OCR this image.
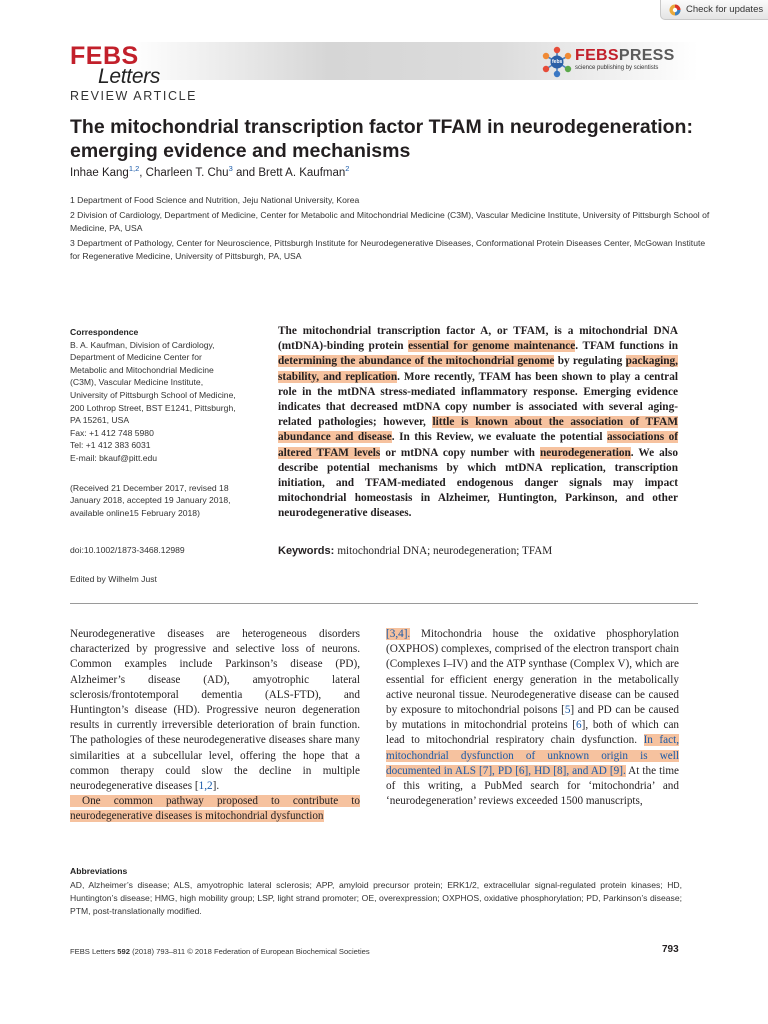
Check for updates
FEBS
Letters
febs FEBSPRESS
science publishing by scientists
REVIEW ARTICLE
The mitochondrial transcription factor TFAM in neurodegeneration: emerging evidence and mechanisms
Inhae Kang$^{1,2}$, Charleen T. Chu$^3$ and Brett A. Kaufman$^2$
1 Department of Food Science and Nutrition, Jeju National University, Korea
2 Division of Cardiology, Department of Medicine, Center for Metabolic and Mitochondrial Medicine (C3M), Vascular Medicine Institute, University of Pittsburgh School of Medicine, PA, USA
3 Department of Pathology, Center for Neuroscience, Pittsburgh Institute for Neurodegenerative Diseases, Conformational Protein Diseases Center, McGowan Institute for Regenerative Medicine, University of Pittsburgh, PA, USA
Correspondence
B. A. Kaufman, Division of Cardiology,
Department of Medicine Center for
Metabolic and Mitochondrial Medicine
(C3M), Vascular Medicine Institute,
University of Pittsburgh School of Medicine,
200 Lothrop Street, BST E1241, Pittsburgh,
PA 15261, USA
Fax: +1 412 748 5980
Tel: +1 412 383 6031
E-mail: bkauf@pitt.edu
(Received 21 December 2017, revised 18
January 2018, accepted 19 January 2018,
available online15 February 2018)
doi:10.1002/1873-3468.12989
Edited by Wilhelm Just

The mitochondrial transcription factor A, or TFAM, is a mitochondrial DNA (mtDNA)-binding protein essential for genome maintenance. TFAM functions in determining the abundance of the mitochondrial genome by regulating packaging, stability, and replication. More recently, TFAM has been shown to play a central role in the mtDNA stress-mediated inflammatory response. Emerging evidence indicates that decreased mtDNA copy number is associated with several aging-related pathologies; however, little is known about the association of TFAM abundance and disease. In this Review, we evaluate the potential associations of altered TFAM levels or mtDNA copy number with neurodegeneration. We also describe potential mechanisms by which mtDNA replication, transcription initiation, and TFAM-mediated endogenous danger signals may impact mitochondrial homeostasis in Alzheimer, Huntington, Parkinson, and other neurodegenerative diseases.

Keywords: mitochondrial DNA; neurodegeneration; TFAM

Neurodegenerative diseases are heterogeneous disorders characterized by progressive and selective loss of neurons. Common examples include Parkinson’s disease (PD), Alzheimer’s disease (AD), amyotrophic lateral sclerosis/frontotemporal dementia (ALS-FTD), and Huntington’s disease (HD). Progressive neuron degeneration results in currently irreversible deterioration of brain function. The pathologies of these neurodegenerative diseases share many similarities at a subcellular level, offering the hope that a common therapy could slow the decline in multiple neurodegenerative diseases [1,2].
One common pathway proposed to contribute to neurodegenerative diseases is mitochondrial dysfunction

[3,4]. Mitochondria house the oxidative phosphorylation (OXPHOS) complexes, comprised of the electron transport chain (Complexes I–IV) and the ATP synthase (Complex V), which are essential for efficient energy generation in the metabolically active neuronal tissue. Neurodegenerative disease can be caused by exposure to mitochondrial poisons [5] and PD can be caused by mutations in mitochondrial proteins [6], both of which can lead to mitochondrial respiratory chain dysfunction. In fact, mitochondrial dysfunction of unknown origin is well documented in ALS [7], PD [6], HD [8], and AD [9]. At the time of this writing, a PubMed search for ‘mitochondria’ and ‘neurodegeneration’ reviews exceeded 1500 manuscripts,

Abbreviations

AD, Alzheimer’s disease; ALS, amyotrophic lateral sclerosis; APP, amyloid precursor protein; ERK1/2, extracellular signal-regulated protein kinases; HD, Huntington’s disease; HMG, high mobility group; LSP, light strand promoter; OE, overexpression; OXPHOS, oxidative phosphorylation; PD, Parkinson’s disease; PTM, post-translationally modified.

FEBS Letters 592 (2018) 793–811 © 2018 Federation of European Biochemical Societies	793
